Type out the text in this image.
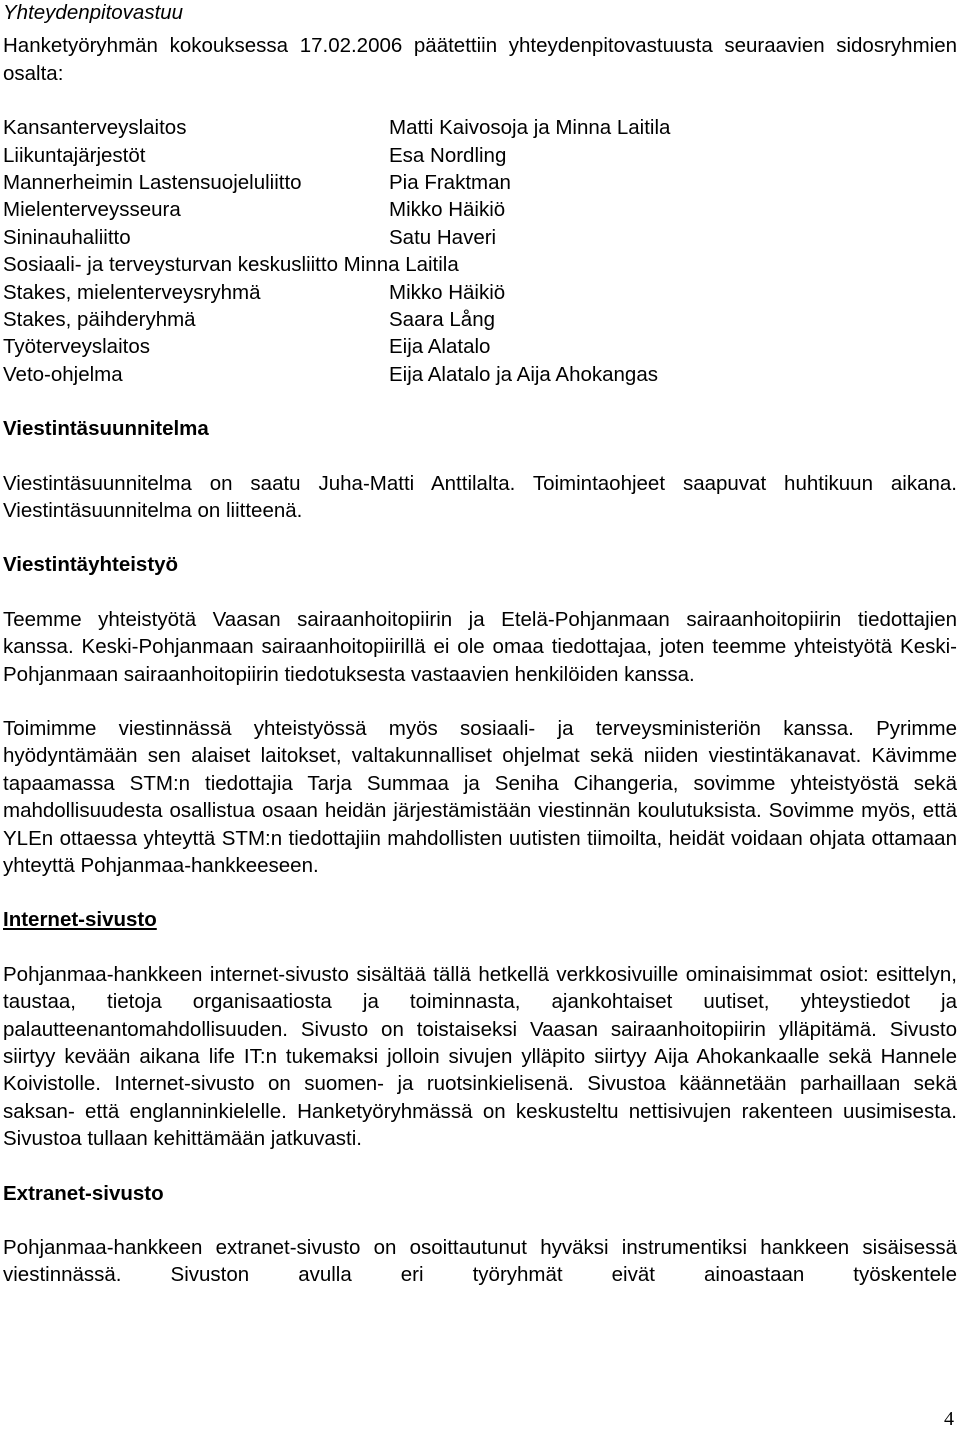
Yhteydenpitovastuu

Hanketyöryhmän kokouksessa 17.02.2006 päätettiin yhteydenpitovastuusta seuraavien sidosryhmien osalta:

Kansanterveyslaitos	Matti Kaivosoja ja Minna Laitila
Liikuntajärjestöt	Esa Nordling
Mannerheimin Lastensuojeluliitto	Pia Fraktman
Mielenterveysseura	Mikko Häikiö
Sininauhaliitto	Satu Haveri
Sosiaali- ja terveysturvan keskusliitto Minna Laitila
Stakes, mielenterveysryhmä	Mikko Häikiö
Stakes, päihderyhmä	Saara Lång
Työterveyslaitos	Eija Alatalo
Veto-ohjelma	Eija Alatalo ja Aija Ahokangas
Viestintäsuunnitelma

Viestintäsuunnitelma on saatu Juha-Matti Anttilalta. Toimintaohjeet saapuvat huhtikuun aikana. Viestintäsuunnitelma on liitteenä.

Viestintäyhteistyö

Teemme yhteistyötä Vaasan sairaanhoitopiirin ja Etelä-Pohjanmaan sairaanhoitopiirin tiedottajien kanssa. Keski-Pohjanmaan sairaanhoitopiirillä ei ole omaa tiedottajaa, joten teemme yhteistyötä Keski-Pohjanmaan sairaanhoitopiirin tiedotuksesta vastaavien henkilöiden kanssa.

Toimimme viestinnässä yhteistyössä myös sosiaali- ja terveysministeriön kanssa. Pyrimme hyödyntämään sen alaiset laitokset, valtakunnalliset ohjelmat sekä niiden viestintäkanavat. Kävimme tapaamassa STM:n tiedottajia Tarja Summaa ja Seniha Cihangeria, sovimme yhteistyöstä sekä mahdollisuudesta osallistua osaan heidän järjestämistään viestinnän koulutuksista. Sovimme myös, että YLEn ottaessa yhteyttä STM:n tiedottajiin mahdollisten uutisten tiimoilta, heidät voidaan ohjata ottamaan yhteyttä Pohjanmaa-hankkeeseen.

Internet-sivusto

Pohjanmaa-hankkeen internet-sivusto sisältää tällä hetkellä verkkosivuille ominaisimmat osiot: esittelyn, taustaa, tietoja organisaatiosta ja toiminnasta, ajankohtaiset uutiset, yhteystiedot ja palautteenantomahdollisuuden. Sivusto on toistaiseksi Vaasan sairaanhoitopiirin ylläpitämä. Sivusto siirtyy kevään aikana life IT:n tukemaksi jolloin sivujen ylläpito siirtyy Aija Ahokankaalle sekä Hannele Koivistolle. Internet-sivusto on suomen- ja ruotsinkielisenä. Sivustoa käännetään parhaillaan sekä saksan- että englanninkielelle. Hanketyöryhmässä on keskusteltu nettisivujen rakenteen uusimisesta. Sivustoa tullaan kehittämään jatkuvasti.

Extranet-sivusto

Pohjanmaa-hankkeen extranet-sivusto on osoittautunut hyväksi instrumentiksi hankkeen sisäisessä viestinnässä. Sivuston avulla eri työryhmät eivät ainoastaan työskentele

4
